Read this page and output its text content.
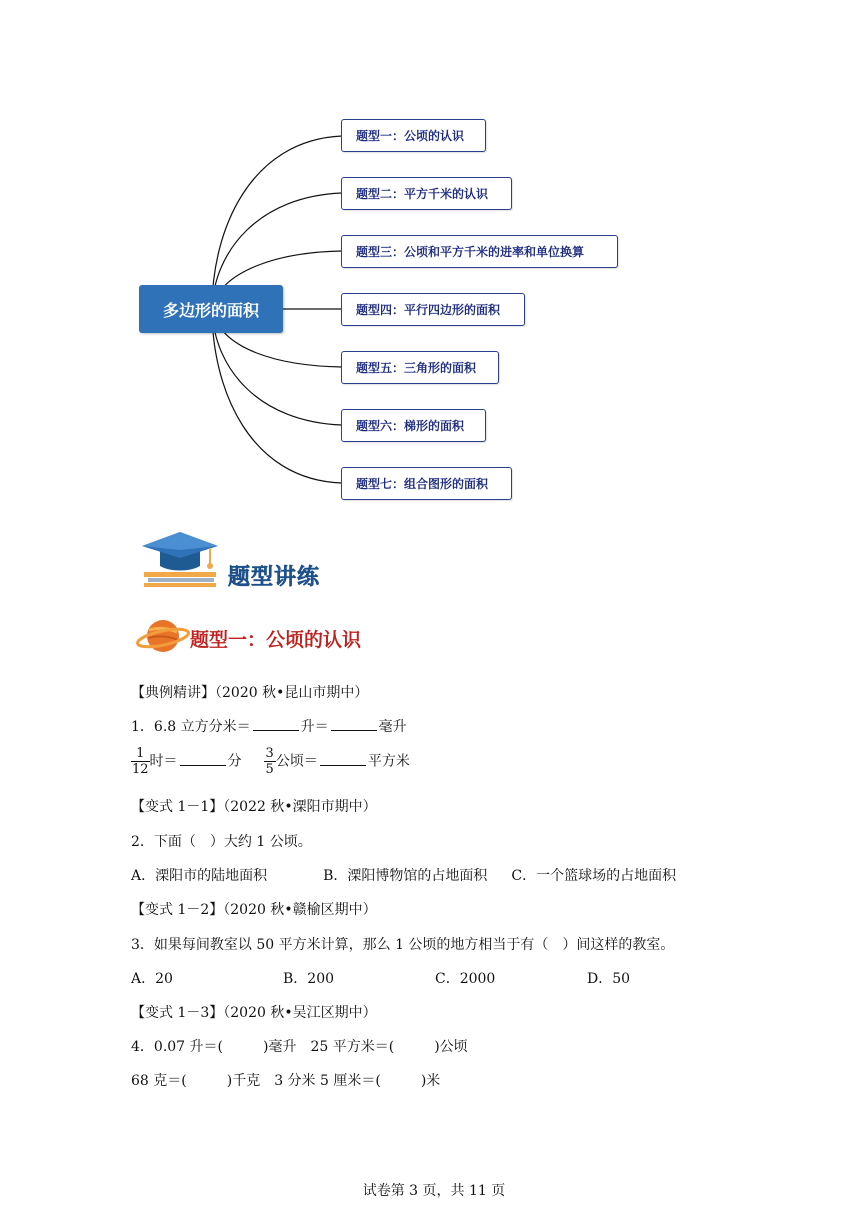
多边形的面积
题型一：公顷的认识
题型二：平方千米的认识
题型三：公顷和平方千米的进率和单位换算
题型四：平行四边形的面积
题型五：三角形的面积
题型六：梯形的面积
题型七：组合图形的面积
题型讲练
题型一：公顷的认识
【典例精讲】（2020 秋•昆山市期中）
1．6.8 立方分米＝	升＝	毫升
$\frac{1}{12}$ 时＝	分 $\frac{3}{5}$ 公顷＝	平方米
【变式 1－1】（2022 秋•溧阳市期中）
2．下面（　）大约 1 公顷。
A．溧阳市的陆地面积	B．溧阳博物馆的占地面积 C．一个篮球场的占地面积
【变式 1－2】（2020 秋•赣榆区期中）
3．如果每间教室以 50 平方米计算，那么 1 公顷的地方相当于有（　）间这样的教室。
A．20	B．200	C．2000	D．50
【变式 1－3】（2020 秋•吴江区期中）
4．0.07 升＝(	)毫升　25 平方米＝(	)公顷
68 克＝(	)千克　3 分米 5 厘米＝(	)米
试卷第 3 页，共 11 页
